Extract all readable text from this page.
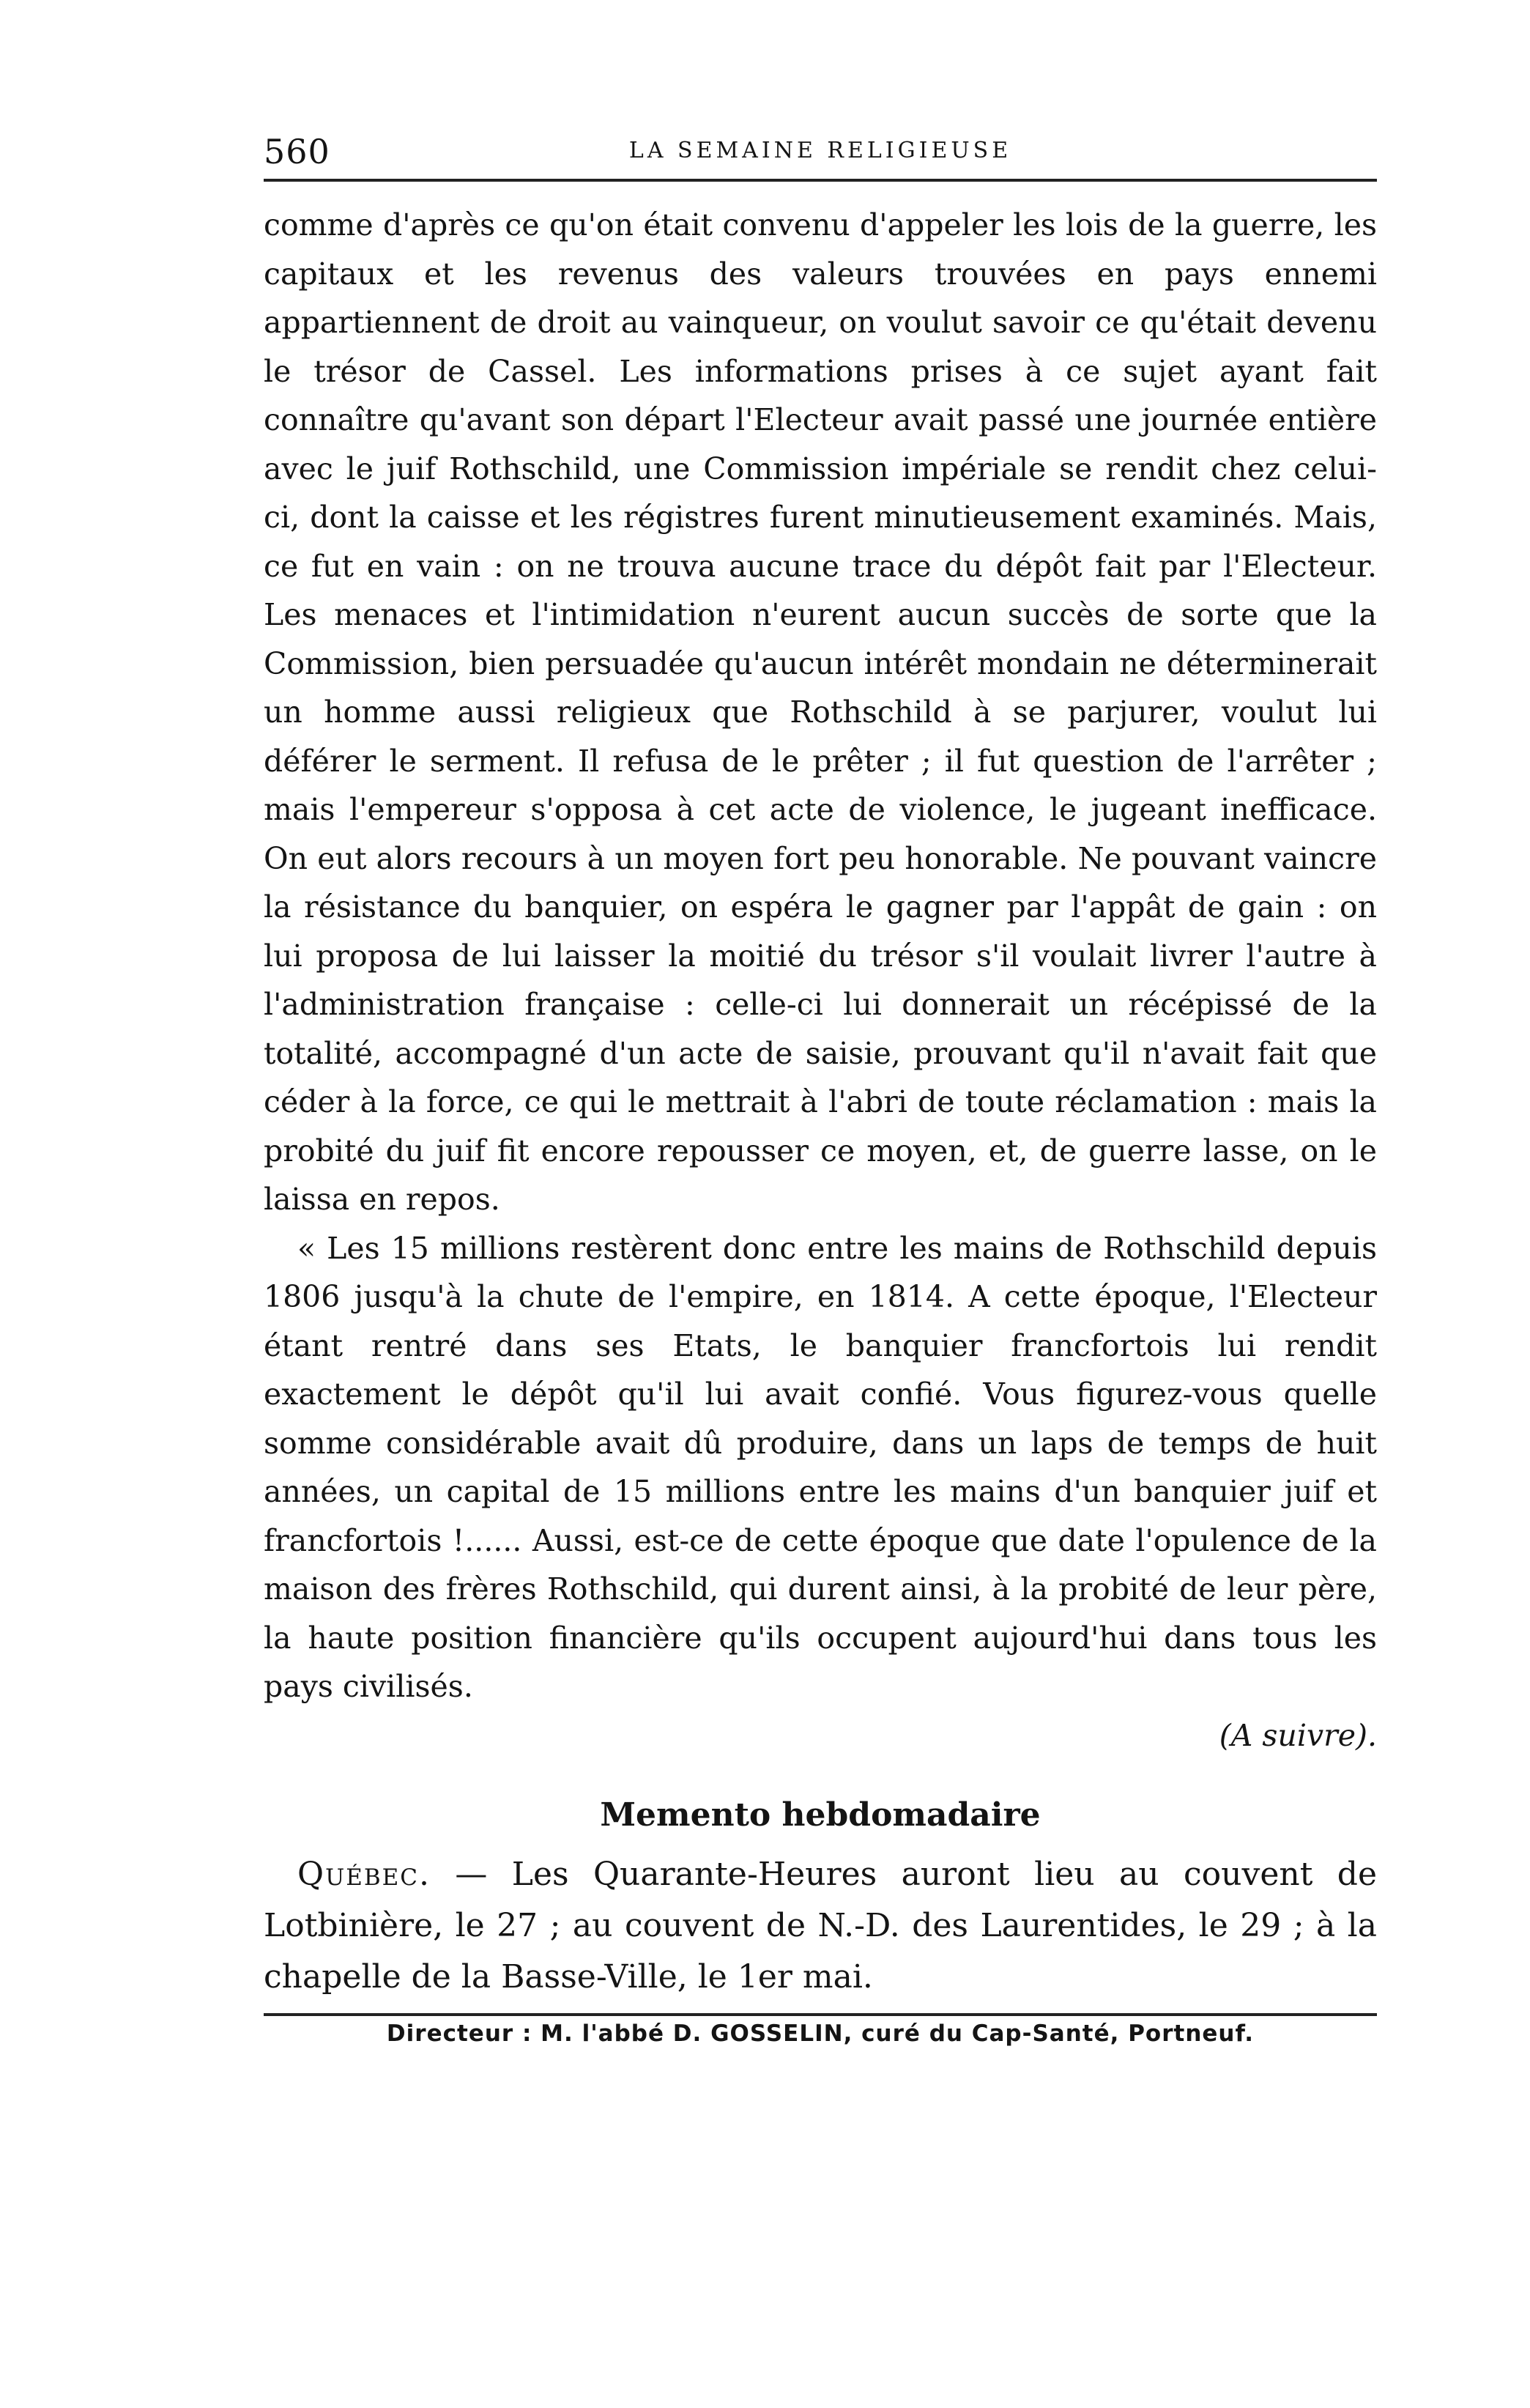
560	LA SEMAINE RELIGIEUSE

comme d'après ce qu'on était convenu d'appeler les lois de la guerre, les capitaux et les revenus des valeurs trouvées en pays ennemi appartiennent de droit au vainqueur, on voulut savoir ce qu'était devenu le trésor de Cassel. Les informations prises à ce sujet ayant fait connaître qu'avant son départ l'Electeur avait passé une journée entière avec le juif Rothschild, une Commission impériale se rendit chez celui-ci, dont la caisse et les régistres furent minutieusement examinés. Mais, ce fut en vain : on ne trouva aucune trace du dépôt fait par l'Electeur. Les menaces et l'intimidation n'eurent aucun succès de sorte que la Commission, bien persuadée qu'aucun intérêt mondain ne déterminerait un homme aussi religieux que Rothschild à se parjurer, voulut lui déférer le serment. Il refusa de le prêter ; il fut question de l'arrêter ; mais l'empereur s'opposa à cet acte de violence, le jugeant inefficace. On eut alors recours à un moyen fort peu honorable. Ne pouvant vaincre la résistance du banquier, on espéra le gagner par l'appât de gain : on lui proposa de lui laisser la moitié du trésor s'il voulait livrer l'autre à l'administration française : celle-ci lui donnerait un récépissé de la totalité, accompagné d'un acte de saisie, prouvant qu'il n'avait fait que céder à la force, ce qui le mettrait à l'abri de toute réclamation : mais la probité du juif fit encore repousser ce moyen, et, de guerre lasse, on le laissa en repos.

« Les 15 millions restèrent donc entre les mains de Rothschild depuis 1806 jusqu'à la chute de l'empire, en 1814. A cette époque, l'Electeur étant rentré dans ses Etats, le banquier francfortois lui rendit exactement le dépôt qu'il lui avait confié. Vous figurez-vous quelle somme considérable avait dû produire, dans un laps de temps de huit années, un capital de 15 millions entre les mains d'un banquier juif et francfortois !...... Aussi, est-ce de cette époque que date l'opulence de la maison des frères Rothschild, qui durent ainsi, à la probité de leur père, la haute position financière qu'ils occupent aujourd'hui dans tous les pays civilisés.

(A suivre).

Memento hebdomadaire

Québec. — Les Quarante-Heures auront lieu au couvent de Lotbinière, le 27 ; au couvent de N.-D. des Laurentides, le 29 ; à la chapelle de la Basse-Ville, le 1er mai.

Directeur : M. l'abbé D. GOSSELIN, curé du Cap-Santé, Portneuf.
